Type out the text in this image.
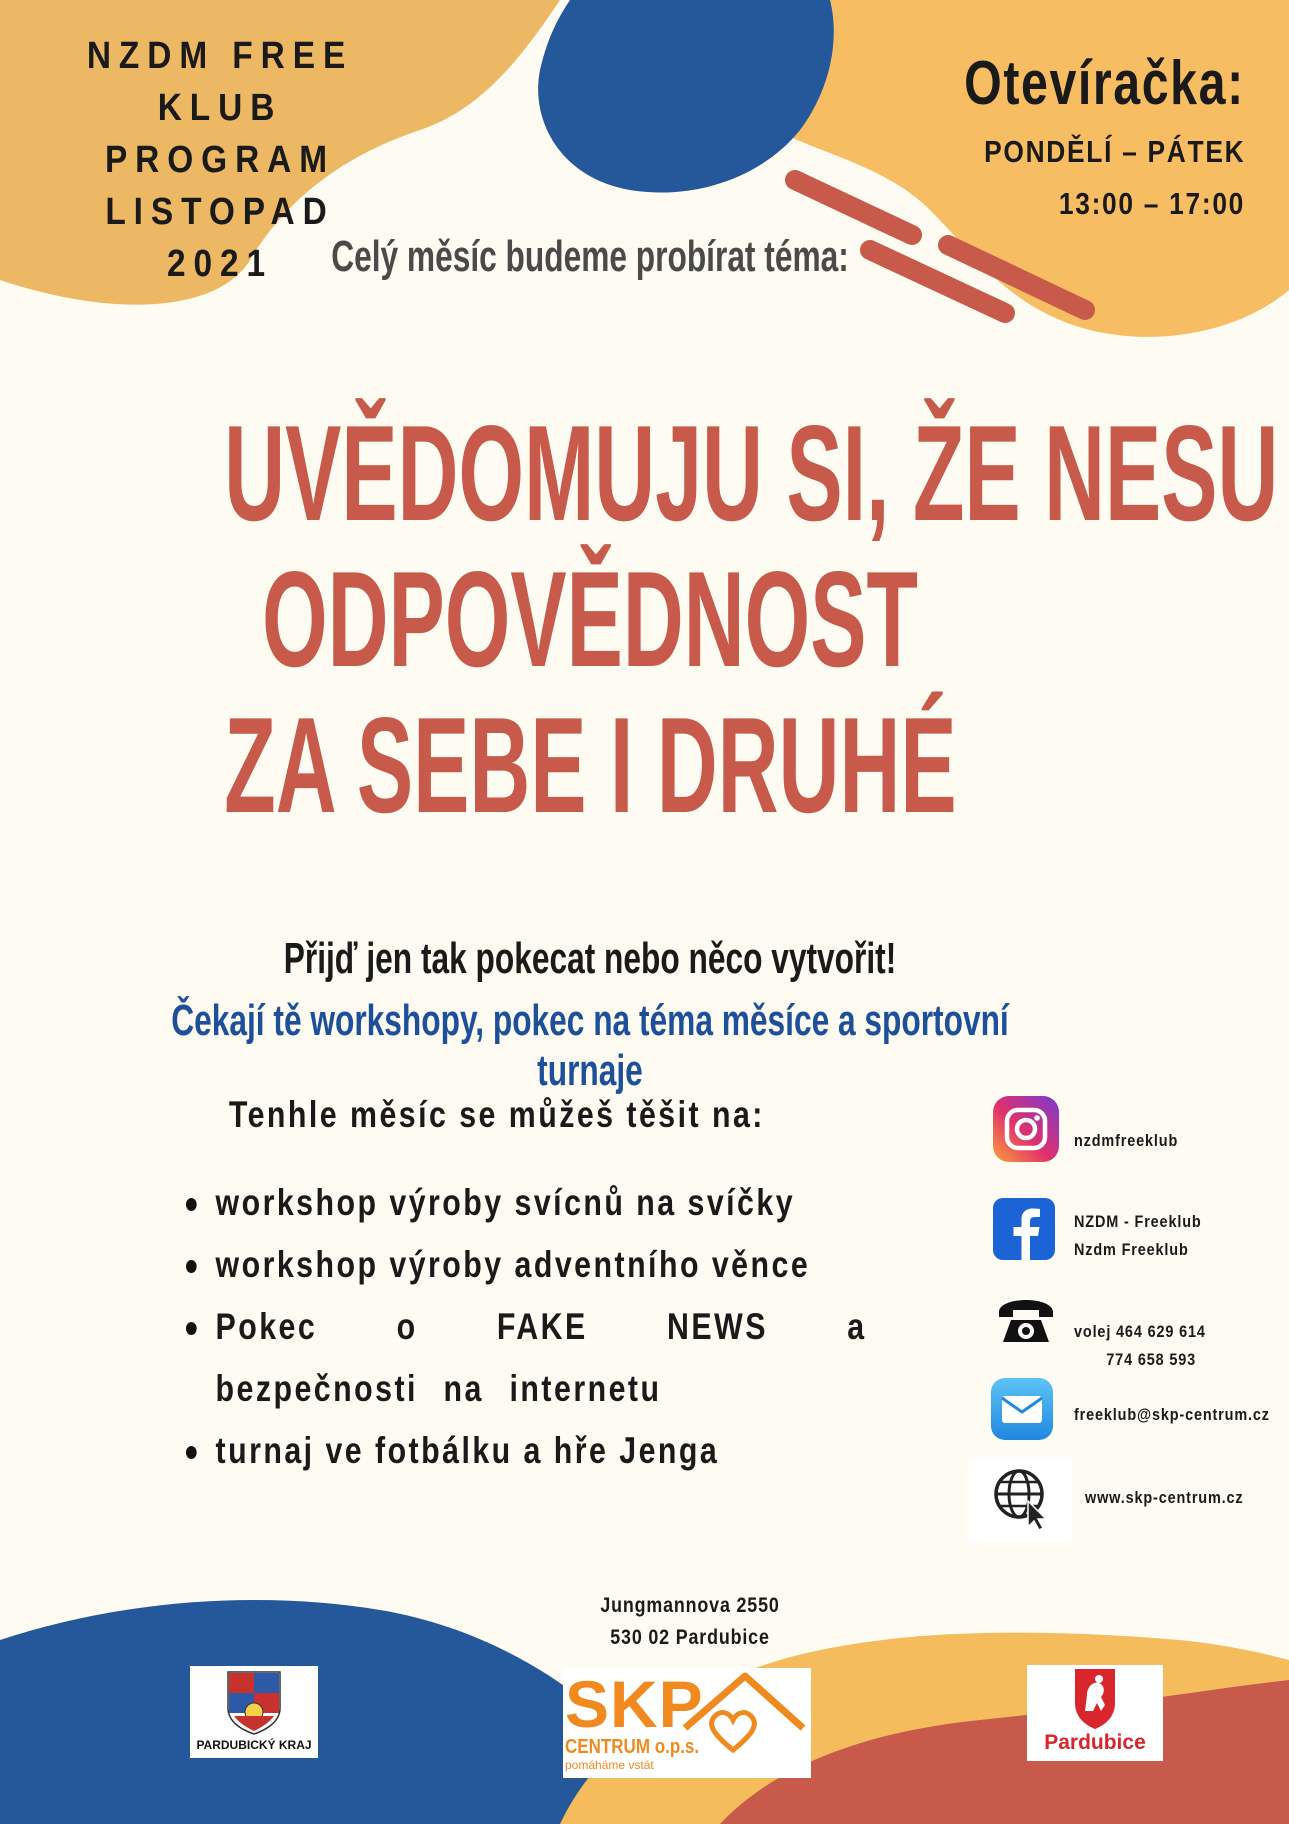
NZDM FREE KLUB
PROGRAM
LISTOPAD 2021
Otevíračka:
PONDĚLÍ – PÁTEK
13:00 – 17:00
Celý měsíc budeme probírat téma:
UVĚDOMUJU SI, ŽE NESU
ODPOVĚDNOST
ZA SEBE I DRUHÉ
Přijď jen tak pokecat nebo něco vytvořit!
Čekají tě workshopy, pokec na téma měsíce a sportovní turnaje
Tenhle měsíc se můžeš těšit na:
workshop výroby svícnů na svíčky
workshop výroby adventního věnce
Pokec o FAKE NEWS a bezpečnosti na internetu
turnaj ve fotbálku a hře Jenga
nzdmfreeklub
NZDM - Freeklub
Nzdm Freeklub
volej 464 629 614
774 658 593
freeklub@skp-centrum.cz
www.skp-centrum.cz
Jungmannova 2550
530 02 Pardubice
PARDUBICKÝ KRAJ
SKP
CENTRUM o.p.s.
pomáháme vstát
Pardubice
